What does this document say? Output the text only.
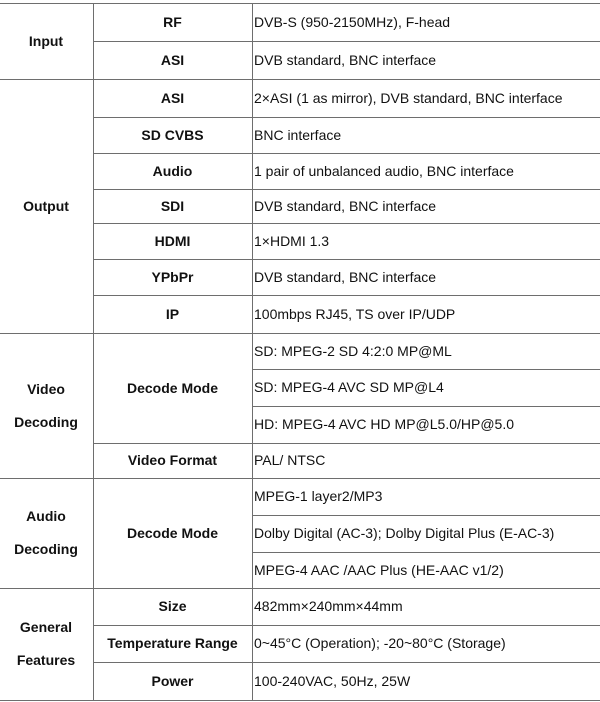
DVB-S (950-2150MHz), F-head
RF
DVB standard, BNC interface
ASI
Input
2×ASI (1 as mirror), DVB standard, BNC interface
ASI
BNC interface
SD CVBS
1 pair of unbalanced audio, BNC interface
Audio
DVB standard, BNC interface
SDI
1×HDMI 1.3
HDMI
DVB standard, BNC interface
YPbPr
100mbps RJ45, TS over IP/UDP
IP
Output
SD: MPEG-2 SD 4:2:0 MP@ML
SD: MPEG-4 AVC SD MP@L4
HD: MPEG-4 AVC HD MP@L5.0/HP@5.0
Decode Mode
PAL/ NTSC
Video Format
Video Decoding
MPEG-1 layer2/MP3
Dolby Digital (AC-3); Dolby Digital Plus (E-AC-3)
MPEG-4 AAC /AAC Plus (HE-AAC v1/2)
Decode Mode
Audio Decoding
482mm×240mm×44mm
Size
0~45°C (Operation); -20~80°C (Storage)
Temperature Range
100-240VAC, 50Hz, 25W
Power
General Features
